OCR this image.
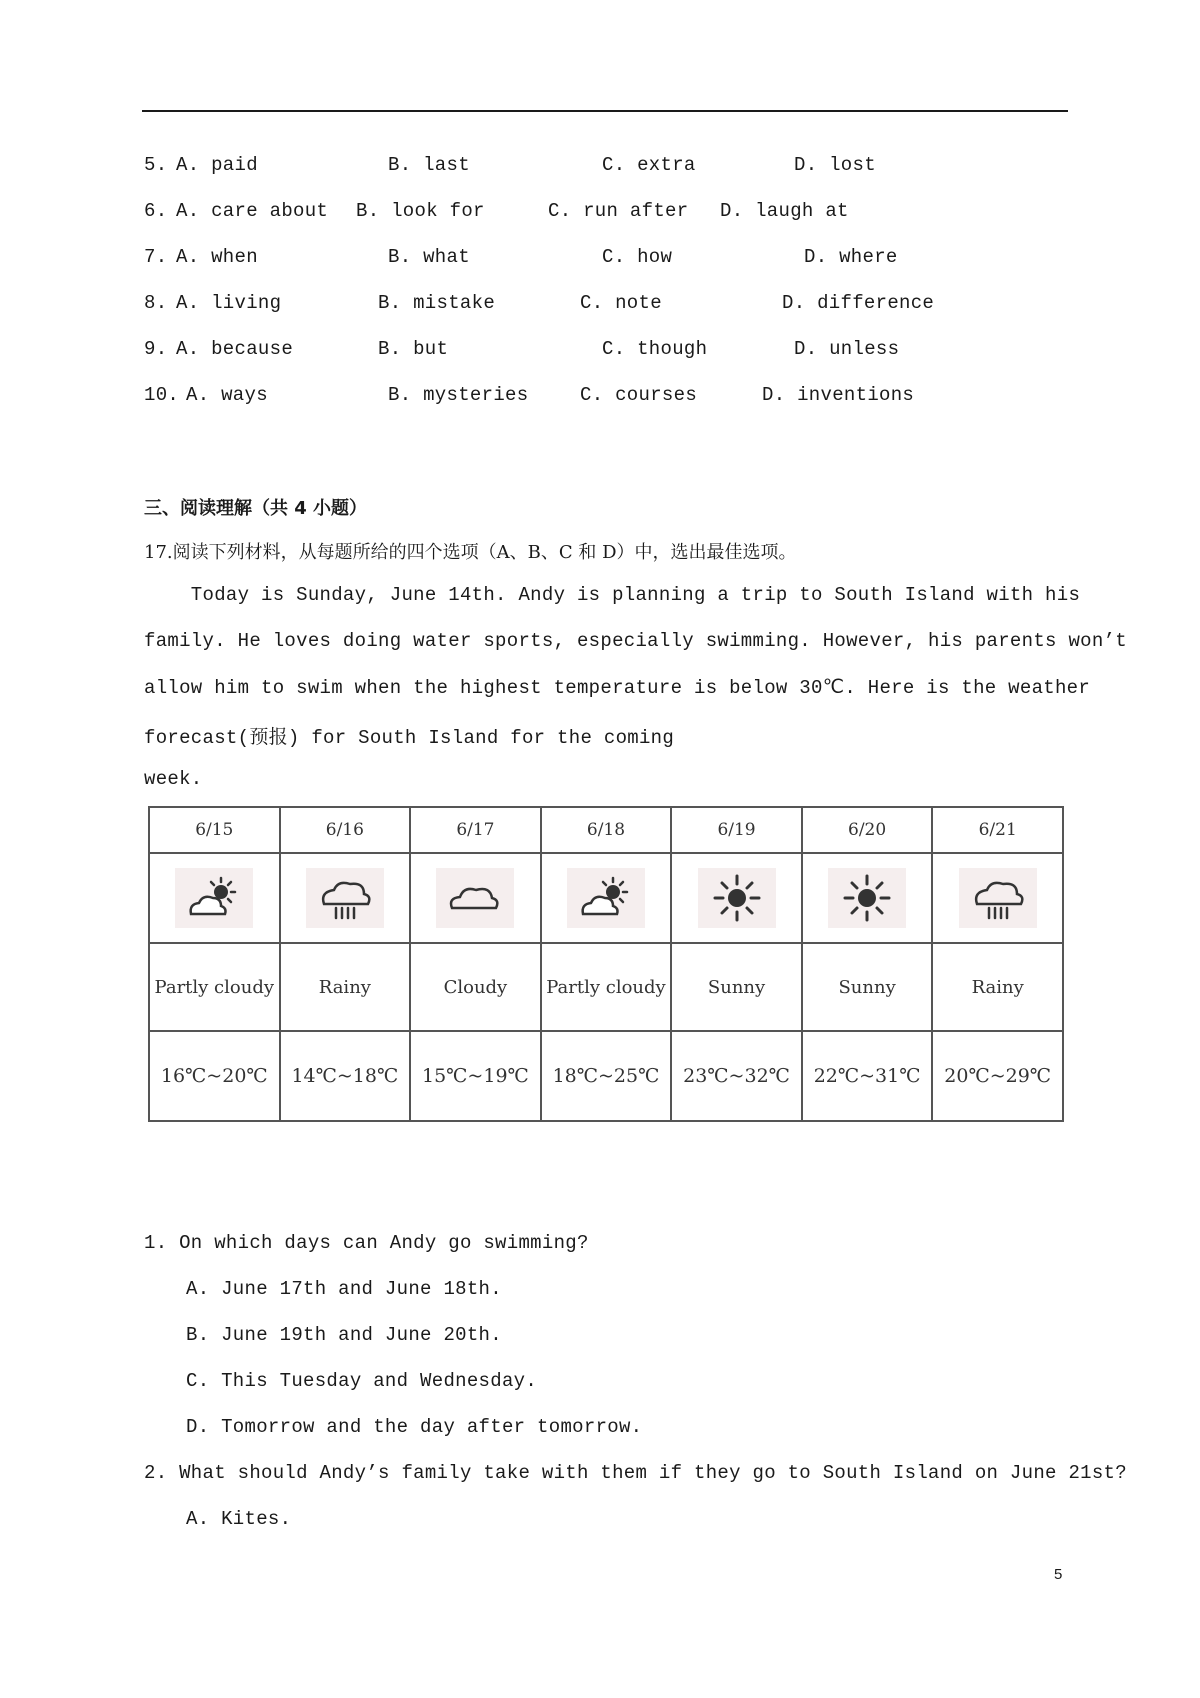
5.

A. paid

	B. last

	C. extra

	D. lost

6.

A. care about

B. look for

	C. run after

D. laugh at

7.

A. when

	B. what

	C. how

	D. where

8.

A. living

	B. mistake

	C. note

	D. difference

9.

A. because

	B. but

	C. though

	D. unless

10.

A. ways

	B. mysteries

	C. courses

	D. inventions

三、阅读理解（共 4 小题）
17.阅读下列材料，从每题所给的四个选项（A、B、C 和 D）中，选出最佳选项。
Today is Sunday, June 14th. Andy is planning a trip to South Island with his
family. He loves doing water sports, especially swimming. However, his parents won’t
allow him to swim when the highest temperature is below 30℃. Here is the weather
forecast(预报) for South Island for the coming
week.
6/15	6/16	6/17	6/18	6/19	6/20	6/21

Partly cloudy	Rainy	Cloudy	Partly cloudy	Sunny	Sunny	Rainy
16℃~20℃	14℃~18℃	15℃~19℃	18℃~25℃	23℃~32℃	22℃~31℃	20℃~29℃
1. On which days can Andy go swimming?
A. June 17th and June 18th.
B. June 19th and June 20th.
C. This Tuesday and Wednesday.
D. Tomorrow and the day after tomorrow.
2. What should Andy’s family take with them if they go to South Island on June 21st?
A. Kites.
5
